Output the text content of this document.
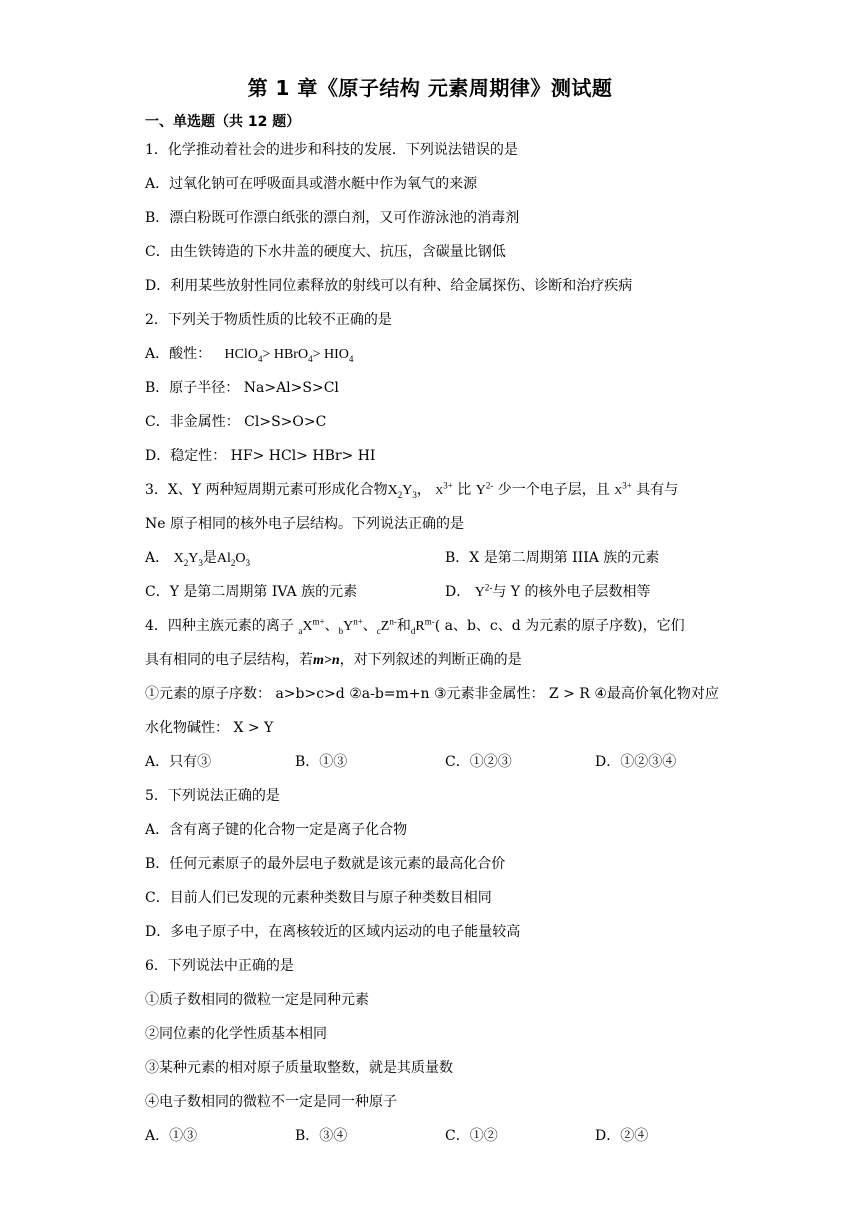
第 1 章《原子结构 元素周期律》测试题
一、单选题（共 12 题）
1．化学推动着社会的进步和科技的发展．下列说法错误的是
A．过氧化钠可在呼吸面具或潜水艇中作为氧气的来源
B．漂白粉既可作漂白纸张的漂白剂，又可作游泳池的消毒剂
C．由生铁铸造的下水井盖的硬度大、抗压，含碳量比钢低
D．利用某些放射性同位素释放的射线可以有种、给金属探伤、诊断和治疗疾病
2．下列关于物质性质的比较不正确的是
A．酸性： HClO$_4$> HBrO$_4$> $HIO_4$
B．原子半径： Na>Al>S>Cl
C．非金属性： Cl>S>O>C
D．稳定性： HF> HCl> HBr> HI
3．X、Y 两种短周期元素可形成化合物$X_2Y_3$， $X^{3+}$ 比 $Y^{2-}$ 少一个电子层，且 $X^{3+}$ 具有与
Ne 原子相同的核外电子层结构。下列说法正确的是
A． $X_2Y_3$是$Al_2O_3$	B．X 是第二周期第 IIIA 族的元素
C．Y 是第二周期第 IVA 族的元素	D． $Y^{2-}$与 Y 的核外电子层数相等
4．四种主族元素的离子 $_aX^{m+}$、$_bY^{n+}$、$_cZ^{n-}$和$_dR^{m-}$( a、b、c、d 为元素的原子序数)，它们
具有相同的电子层结构，若m>n，对下列叙述的判断正确的是
①元素的原子序数： a>b>c>d ②a-b=m+n ③元素非金属性： Z > R ④最高价氧化物对应
水化物碱性： X > Y
A．只有③	B．①③	C．①②③	D．①②③④
5．下列说法正确的是
A．含有离子键的化合物一定是离子化合物
B．任何元素原子的最外层电子数就是该元素的最高化合价
C．目前人们已发现的元素种类数目与原子种类数目相同
D．多电子原子中，在离核较近的区域内运动的电子能量较高
6．下列说法中正确的是
①质子数相同的微粒一定是同种元素
②同位素的化学性质基本相同
③某种元素的相对原子质量取整数，就是其质量数
④电子数相同的微粒不一定是同一种原子
A．①③	B．③④	C．①②	D．②④
